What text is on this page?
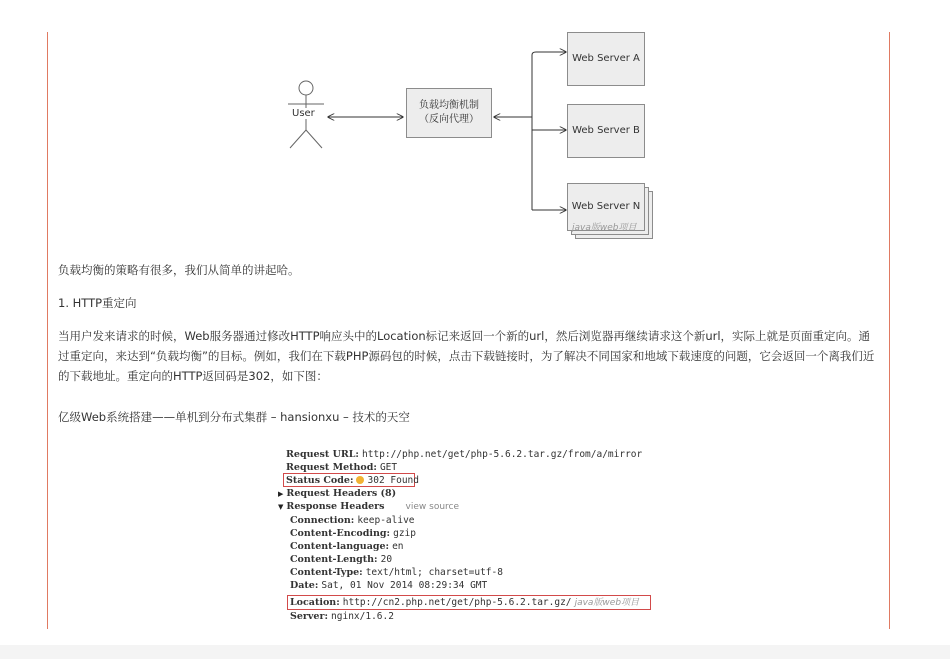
User
负载均衡机制
（反向代理）
Web Server A
Web Server B
Web Server N
java版web项目
负载均衡的策略有很多，我们从简单的讲起哈。
1. HTTP重定向
当用户发来请求的时候，Web服务器通过修改HTTP响应头中的Location标记来返回一个新的url，然后浏览器再继续请求这个新url，实际上就是页面重定向。通过重定向，来达到“负载均衡”的目标。例如，我们在下载PHP源码包的时候，点击下载链接时，为了解决不同国家和地域下载速度的问题，它会返回一个离我们近的下载地址。重定向的HTTP返回码是302，如下图：
亿级Web系统搭建——单机到分布式集群 – hansionxu – 技术的天空
Request URL: http://php.net/get/php-5.6.2.tar.gz/from/a/mirror
Request Method: GET
Status Code: 302 Found
▶ Request Headers (8)
▼ Response Headers view source
Connection: keep-alive
Content-Encoding: gzip
Content-language: en
Content-Length: 20
Content-Type: text/html; charset=utf-8
Date: Sat, 01 Nov 2014 08:29:34 GMT
Location: http://cn2.php.net/get/php-5.6.2.tar.gz/ java版web项目
Server: nginx/1.6.2
